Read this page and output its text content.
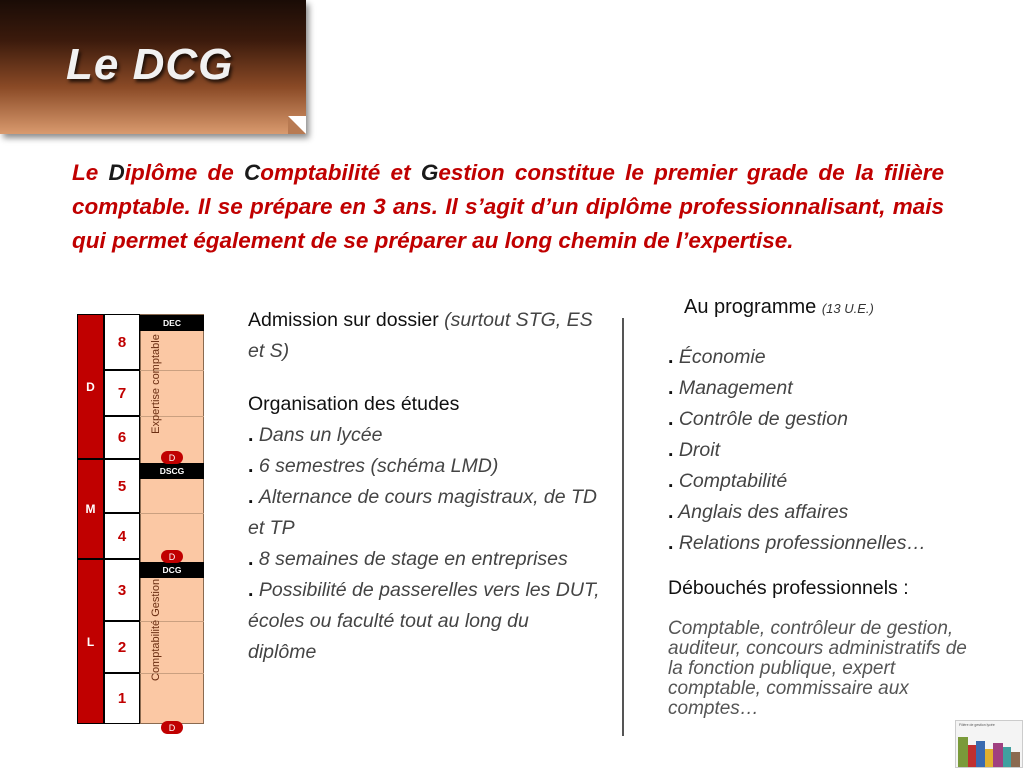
Le DCG
Le Diplôme de Comptabilité et Gestion constitue le premier grade de la filière comptable. Il se prépare en 3 ans. Il s’agit d’un diplôme professionnalisant, mais qui permet également de se préparer au long chemin de l’expertise.
D
M
L
8
7
6
5
4
3
2
1
DEC
DSCG
DCG
Expertise comptable
Comptabilité Gestion
D
D
D
Admission sur dossier (surtout STG, ES et S)
Organisation des études
. Dans un lycée
. 6 semestres (schéma LMD)
. Alternance de cours magistraux, de TD et TP
. 8 semaines de stage en entreprises
. Possibilité de passerelles vers les DUT, écoles ou faculté tout au long du diplôme
Au programme (13 U.E.)
. Économie
. Management
. Contrôle de gestion
. Droit
. Comptabilité
. Anglais des affaires
. Relations professionnelles…
Débouchés professionnels :
Comptable, contrôleur de gestion, auditeur, concours administratifs de la fonction publique, expert comptable, commissaire aux comptes…
Filière de gestion lycée
